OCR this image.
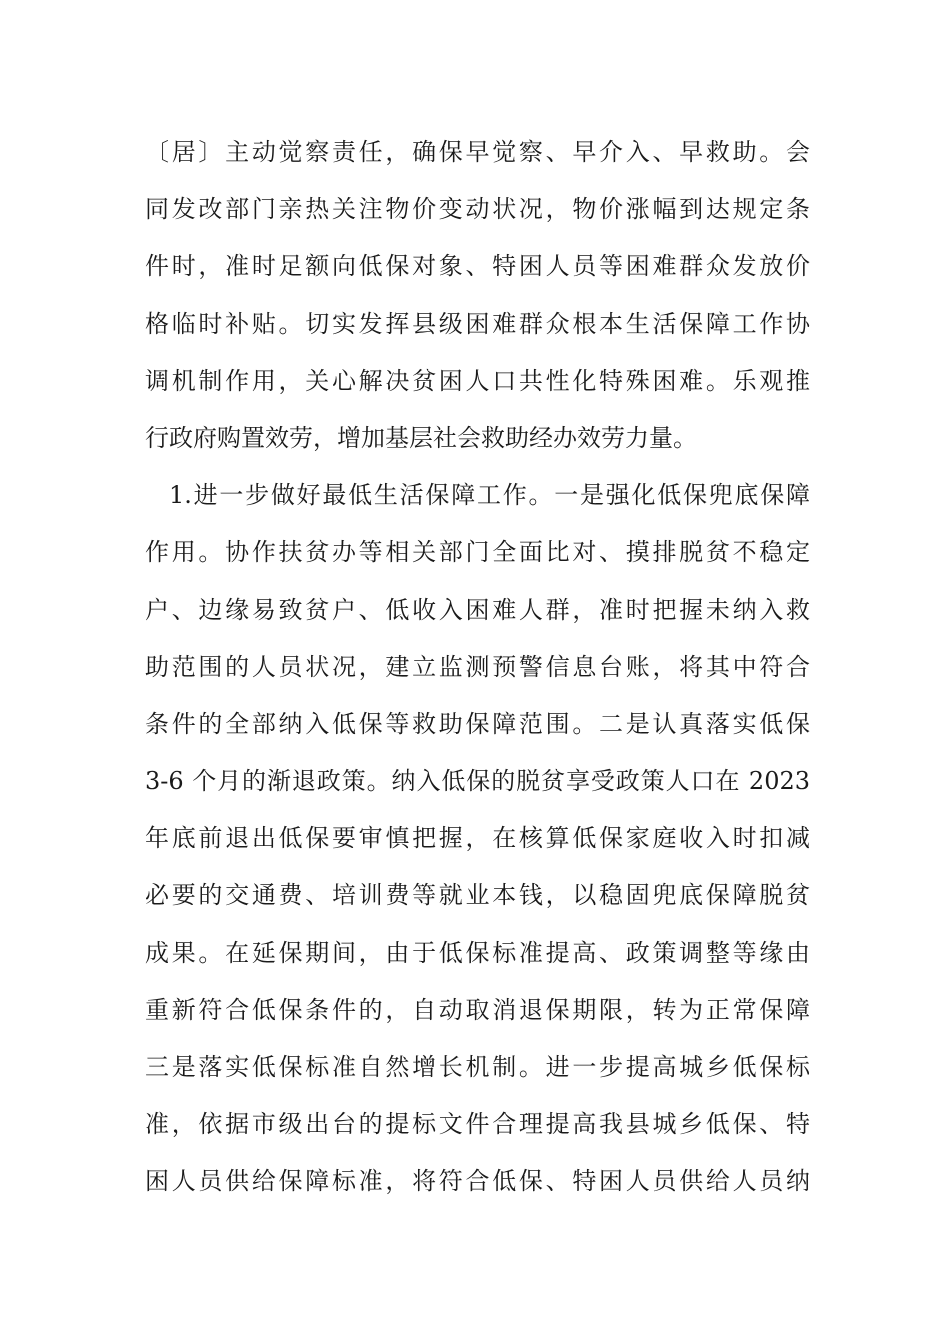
〔居〕主动觉察责任，确保早觉察、早介入、早救助。会
同发改部门亲热关注物价变动状况，物价涨幅到达规定条
件时，准时足额向低保对象、特困人员等困难群众发放价
格临时补贴。切实发挥县级困难群众根本生活保障工作协
调机制作用，关心解决贫困人口共性化特殊困难。乐观推
行政府购置效劳，增加基层社会救助经办效劳力量。
1.进一步做好最低生活保障工作。一是强化低保兜底保障
作用。协作扶贫办等相关部门全面比对、摸排脱贫不稳定
户、边缘易致贫户、低收入困难人群，准时把握未纳入救
助范围的人员状况，建立监测预警信息台账，将其中符合
条件的全部纳入低保等救助保障范围。二是认真落实低保
3-6 个月的渐退政策。纳入低保的脱贫享受政策人口在 2023
年底前退出低保要审慎把握，在核算低保家庭收入时扣减
必要的交通费、培训费等就业本钱，以稳固兜底保障脱贫
成果。在延保期间，由于低保标准提高、政策调整等缘由
重新符合低保条件的，自动取消退保期限，转为正常保障
三是落实低保标准自然增长机制。进一步提高城乡低保标
准，依据市级出台的提标文件合理提高我县城乡低保、特
困人员供给保障标准，将符合低保、特困人员供给人员纳
